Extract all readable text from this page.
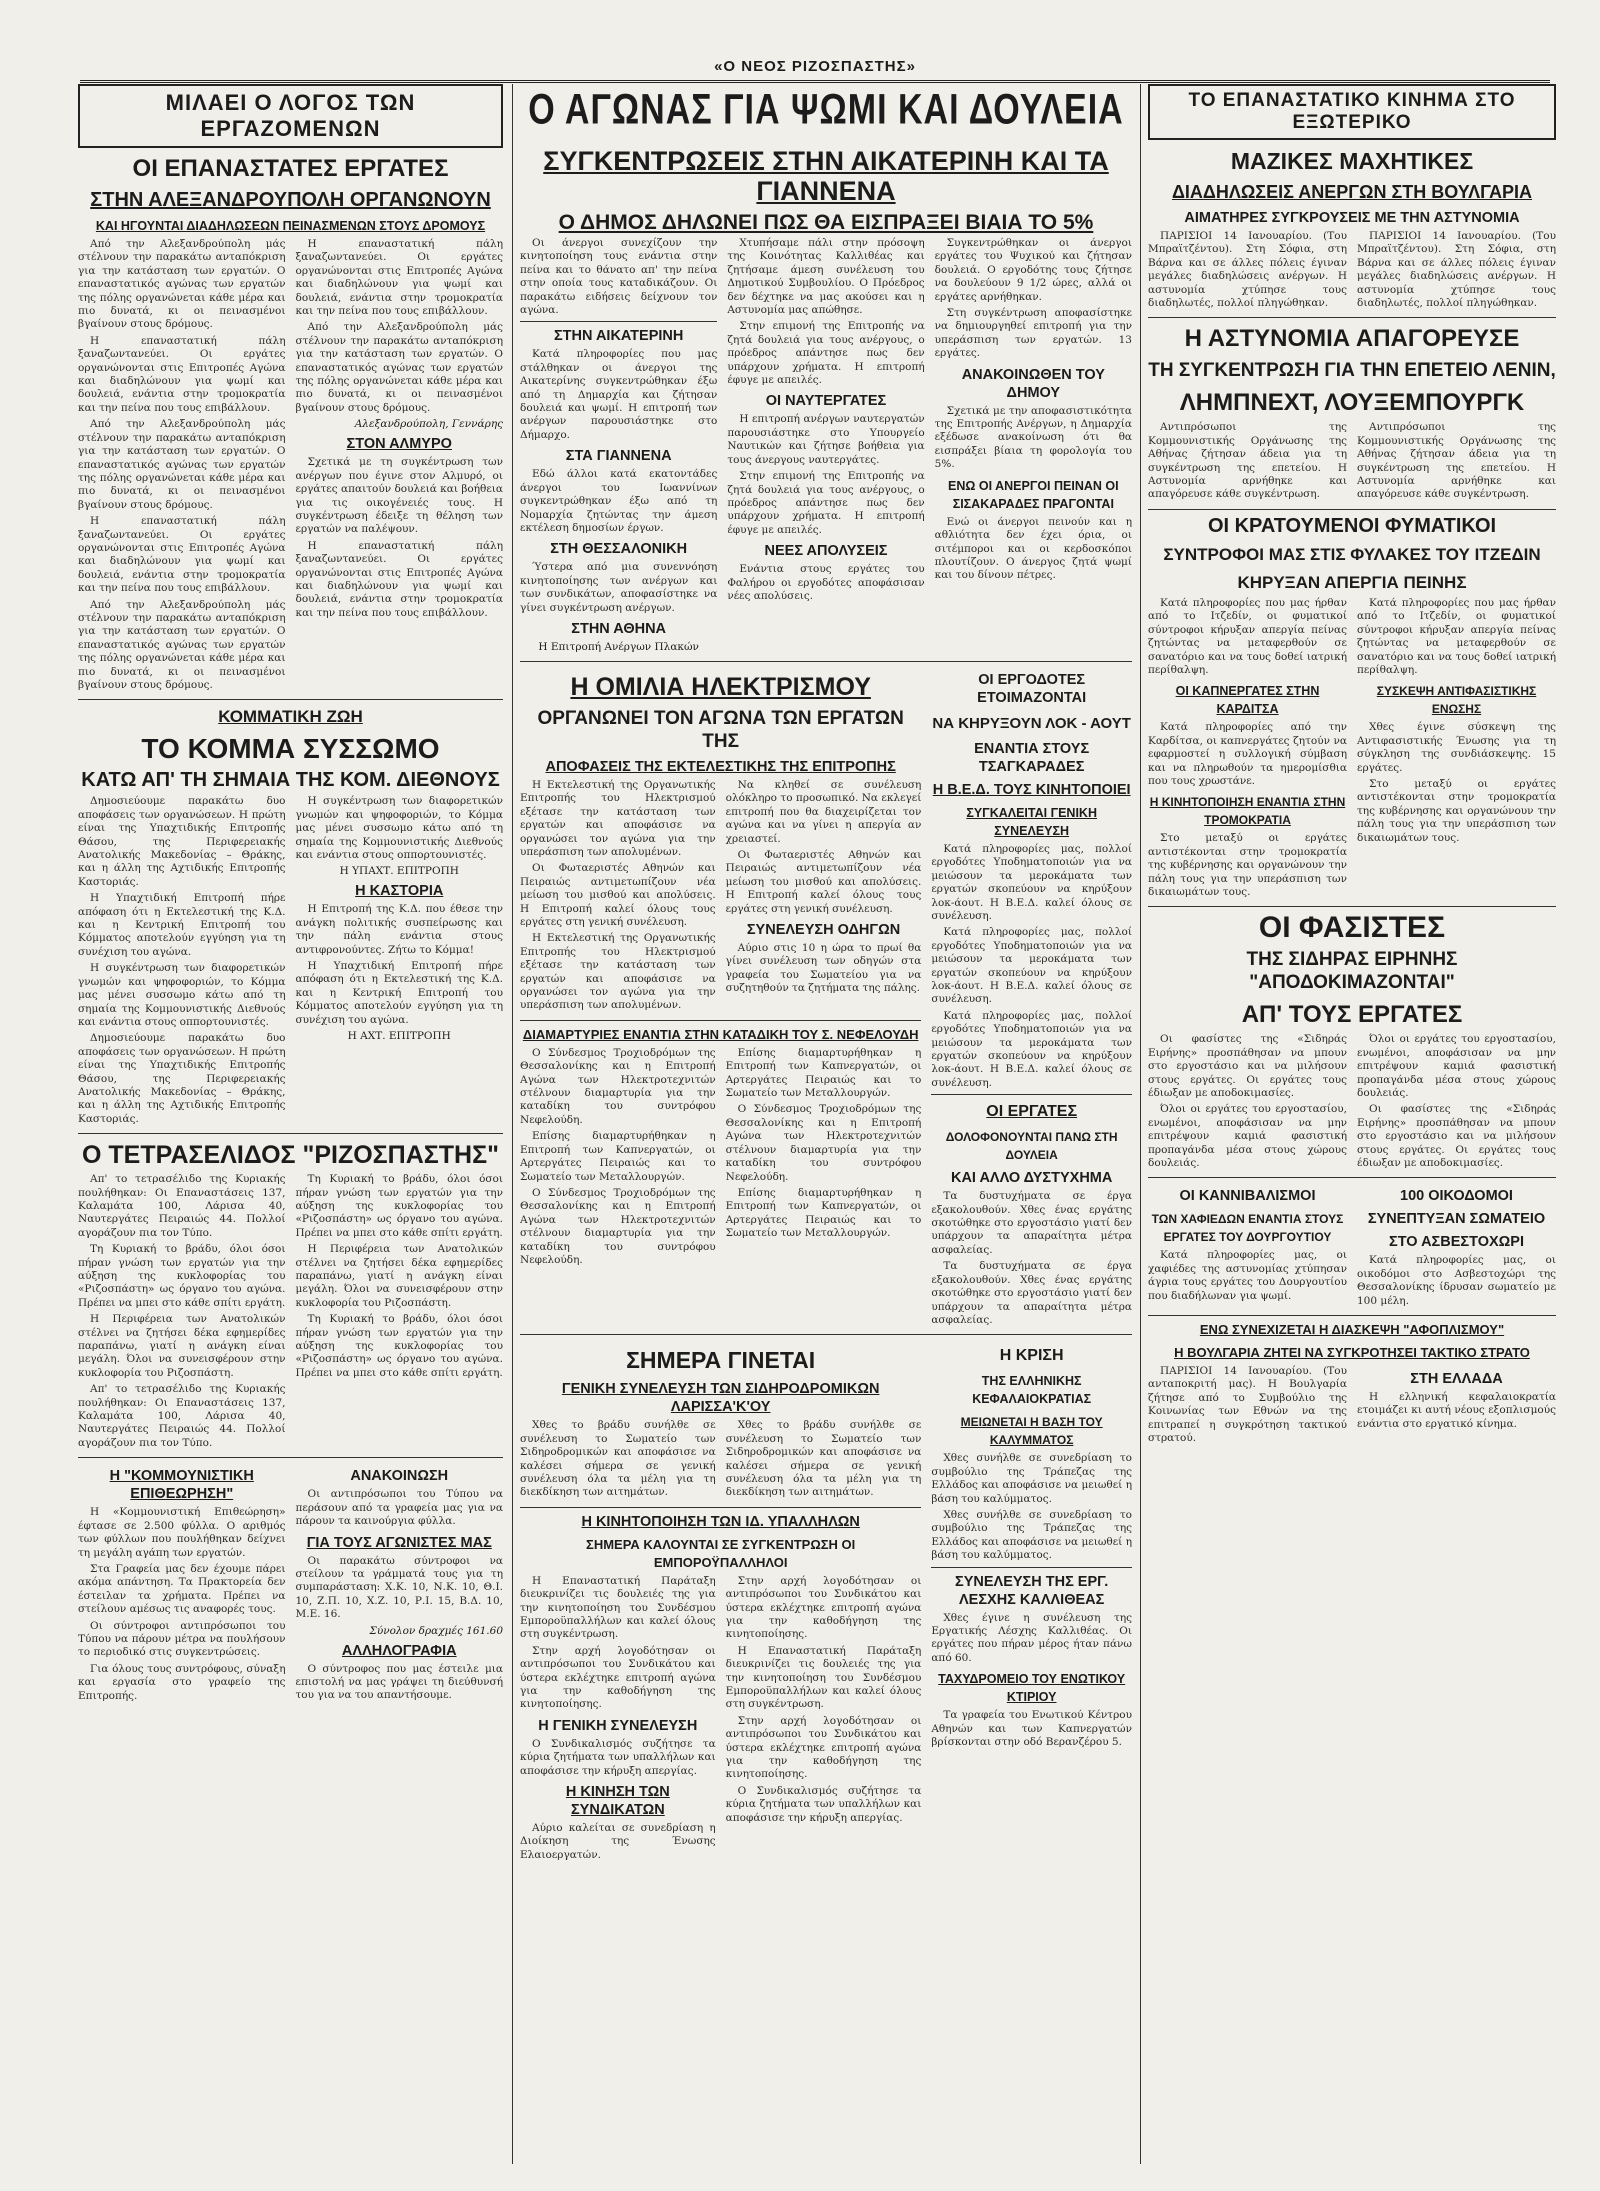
«Ο ΝΕΟΣ ΡΙΖΟΣΠΑΣΤΗΣ»
ΜΙΛΑΕΙ Ο ΛΟΓΟΣ ΤΩΝ ΕΡΓΑΖΟΜΕΝΩΝ
ΟΙ ΕΠΑΝΑΣΤΑΤΕΣ ΕΡΓΑΤΕΣ
ΣΤΗΝ ΑΛΕΞΑΝΔΡΟΥΠΟΛΗ ΟΡΓΑΝΩΝΟΥΝ
ΚΑΙ ΗΓΟΥΝΤΑΙ ΔΙΑΔΗΛΩΣΕΩΝ ΠΕΙΝΑΣΜΕΝΩΝ ΣΤΟΥΣ ΔΡΟΜΟΥΣ

Από την Αλεξανδρούπολη μάς στέλνουν την παρακάτω ανταπόκριση για την κατάσταση των εργατών. Ο επαναστατικός αγώνας των εργατών της πόλης οργανώνεται κάθε μέρα και πιο δυνατά, κι οι πεινασμένοι βγαίνουν στους δρόμους.

Η επαναστατική πάλη ξαναζωντανεύει. Οι εργάτες οργανώνονται στις Επιτροπές Αγώνα και διαδηλώνουν για ψωμί και δουλειά, ενάντια στην τρομοκρατία και την πείνα που τους επιβάλλουν.

Από την Αλεξανδρούπολη μάς στέλνουν την παρακάτω ανταπόκριση για την κατάσταση των εργατών. Ο επαναστατικός αγώνας των εργατών της πόλης οργανώνεται κάθε μέρα και πιο δυνατά, κι οι πεινασμένοι βγαίνουν στους δρόμους.

Η επαναστατική πάλη ξαναζωντανεύει. Οι εργάτες οργανώνονται στις Επιτροπές Αγώνα και διαδηλώνουν για ψωμί και δουλειά, ενάντια στην τρομοκρατία και την πείνα που τους επιβάλλουν.

Από την Αλεξανδρούπολη μάς στέλνουν την παρακάτω ανταπόκριση για την κατάσταση των εργατών. Ο επαναστατικός αγώνας των εργατών της πόλης οργανώνεται κάθε μέρα και πιο δυνατά, κι οι πεινασμένοι βγαίνουν στους δρόμους.

Η επαναστατική πάλη ξαναζωντανεύει. Οι εργάτες οργανώνονται στις Επιτροπές Αγώνα και διαδηλώνουν για ψωμί και δουλειά, ενάντια στην τρομοκρατία και την πείνα που τους επιβάλλουν.

Από την Αλεξανδρούπολη μάς στέλνουν την παρακάτω ανταπόκριση για την κατάσταση των εργατών. Ο επαναστατικός αγώνας των εργατών της πόλης οργανώνεται κάθε μέρα και πιο δυνατά, κι οι πεινασμένοι βγαίνουν στους δρόμους.

Αλεξανδρούπολη, Γεννάρης
ΣΤΟΝ ΑΛΜΥΡΟ

Σχετικά με τη συγκέντρωση των ανέργων που έγινε στον Αλμυρό, οι εργάτες απαιτούν δουλειά και βοήθεια για τις οικογένειές τους. Η συγκέντρωση έδειξε τη θέληση των εργατών να παλέψουν.

Η επαναστατική πάλη ξαναζωντανεύει. Οι εργάτες οργανώνονται στις Επιτροπές Αγώνα και διαδηλώνουν για ψωμί και δουλειά, ενάντια στην τρομοκρατία και την πείνα που τους επιβάλλουν.

ΚΟΜΜΑΤΙΚΗ ΖΩΗ
ΤΟ ΚΟΜΜΑ ΣΥΣΣΩΜΟ
ΚΑΤΩ ΑΠ' ΤΗ ΣΗΜΑΙΑ ΤΗΣ ΚΟΜ. ΔΙΕΘΝΟΥΣ

Δημοσιεύουμε παρακάτω δυο αποφάσεις των οργανώσεων. Η πρώτη είναι της Υπαχτιδικής Επιτροπής Θάσου, της Περιφερειακής Ανατολικής Μακεδονίας – Θράκης, και η άλλη της Αχτιδικής Επιτροπής Καστοριάς.

Η Υπαχτιδική Επιτροπή πήρε απόφαση ότι η Εκτελεστική της Κ.Δ. και η Κεντρική Επιτροπή του Κόμματος αποτελούν εγγύηση για τη συνέχιση του αγώνα.

Η συγκέντρωση των διαφορετικών γνωμών και ψηφοφοριών, το Κόμμα μας μένει συσσωμο κάτω από τη σημαία της Κομμουνιστικής Διεθνούς και ενάντια στους οππορτουνιστές.

Δημοσιεύουμε παρακάτω δυο αποφάσεις των οργανώσεων. Η πρώτη είναι της Υπαχτιδικής Επιτροπής Θάσου, της Περιφερειακής Ανατολικής Μακεδονίας – Θράκης, και η άλλη της Αχτιδικής Επιτροπής Καστοριάς.

Η συγκέντρωση των διαφορετικών γνωμών και ψηφοφοριών, το Κόμμα μας μένει συσσωμο κάτω από τη σημαία της Κομμουνιστικής Διεθνούς και ενάντια στους οππορτουνιστές.

Η ΥΠΑΧΤ. ΕΠΙΤΡΟΠΗ
Η ΚΑΣΤΟΡΙΑ

Η Επιτροπή της Κ.Δ. που έθεσε την ανάγκη πολιτικής συσπείρωσης και την πάλη ενάντια στους αντιφρονούντες. Ζήτω το Κόμμα!

Η Υπαχτιδική Επιτροπή πήρε απόφαση ότι η Εκτελεστική της Κ.Δ. και η Κεντρική Επιτροπή του Κόμματος αποτελούν εγγύηση για τη συνέχιση του αγώνα.

Η ΑΧΤ. ΕΠΙΤΡΟΠΗ
Ο ΤΕΤΡΑΣΕΛΙΔΟΣ "ΡΙΖΟΣΠΑΣΤΗΣ"

Απ' το τετρασέλιδο της Κυριακής πουλήθηκαν: Οι Επαναστάσεις 137, Καλαμάτα 100, Λάρισα 40, Ναυτεργάτες Πειραιώς 44. Πολλοί αγοράζουν πια τον Τύπο.

Τη Κυριακή το βράδυ, όλοι όσοι πήραν γνώση των εργατών για την αύξηση της κυκλοφορίας του «Ριζοσπάστη» ως όργανο του αγώνα. Πρέπει να μπει στο κάθε σπίτι εργάτη.

Η Περιφέρεια των Ανατολικών στέλνει να ζητήσει δέκα εφημερίδες παραπάνω, γιατί η ανάγκη είναι μεγάλη. Όλοι να συνεισφέρουν στην κυκλοφορία του Ριζοσπάστη.

Απ' το τετρασέλιδο της Κυριακής πουλήθηκαν: Οι Επαναστάσεις 137, Καλαμάτα 100, Λάρισα 40, Ναυτεργάτες Πειραιώς 44. Πολλοί αγοράζουν πια τον Τύπο.

Τη Κυριακή το βράδυ, όλοι όσοι πήραν γνώση των εργατών για την αύξηση της κυκλοφορίας του «Ριζοσπάστη» ως όργανο του αγώνα. Πρέπει να μπει στο κάθε σπίτι εργάτη.

Η Περιφέρεια των Ανατολικών στέλνει να ζητήσει δέκα εφημερίδες παραπάνω, γιατί η ανάγκη είναι μεγάλη. Όλοι να συνεισφέρουν στην κυκλοφορία του Ριζοσπάστη.

Τη Κυριακή το βράδυ, όλοι όσοι πήραν γνώση των εργατών για την αύξηση της κυκλοφορίας του «Ριζοσπάστη» ως όργανο του αγώνα. Πρέπει να μπει στο κάθε σπίτι εργάτη.

Η "ΚΟΜΜΟΥΝΙΣΤΙΚΗ ΕΠΙΘΕΩΡΗΣΗ"

Η «Κομμουνιστική Επιθεώρηση» έφτασε σε 2.500 φύλλα. Ο αριθμός των φύλλων που πουλήθηκαν δείχνει τη μεγάλη αγάπη των εργατών.

Στα Γραφεία μας δεν έχουμε πάρει ακόμα απάντηση. Τα Πρακτορεία δεν έστειλαν τα χρήματα. Πρέπει να στείλουν αμέσως τις αναφορές τους.

Οι σύντροφοι αντιπρόσωποι του Τύπου να πάρουν μέτρα να πουλήσουν το περιοδικό στις συγκεντρώσεις.

Για όλους τους συντρόφους, σύναξη και εργασία στο γραφείο της Επιτροπής.

ΑΝΑΚΟΙΝΩΣΗ

Οι αντιπρόσωποι του Τύπου να περάσουν από τα γραφεία μας για να πάρουν τα καινούργια φύλλα.

ΓΙΑ ΤΟΥΣ ΑΓΩΝΙΣΤΕΣ ΜΑΣ

Οι παρακάτω σύντροφοι να στείλουν τα γράμματά τους για τη συμπαράσταση: Χ.Κ. 10, Ν.Κ. 10, Θ.Ι. 10, Ζ.Π. 10, Χ.Ζ. 10, Ρ.Ι. 15, Β.Δ. 10, Μ.Ε. 16.

Σύνολον δραχμές 161.60
ΑΛΛΗΛΟΓΡΑΦΙΑ

Ο σύντροφος που μας έστειλε μια επιστολή να μας γράψει τη διεύθυνσή του για να του απαντήσουμε.

Ο ΑΓΩΝΑΣ ΓΙΑ ΨΩΜΙ ΚΑΙ ΔΟΥΛΕΙΑ
ΣΥΓΚΕΝΤΡΩΣΕΙΣ ΣΤΗΝ ΑΙΚΑΤΕΡΙΝΗ ΚΑΙ ΤΑ ΓΙΑΝΝΕΝΑ
Ο ΔΗΜΟΣ ΔΗΛΩΝΕΙ ΠΩΣ ΘΑ ΕΙΣΠΡΑΞΕΙ ΒΙΑΙΑ ΤΟ 5%

Οι άνεργοι συνεχίζουν την κινητοποίηση τους ενάντια στην πείνα και το θάνατο απ' την πείνα στην οποία τους καταδικάζουν. Οι παρακάτω ειδήσεις δείχνουν τον αγώνα.

ΣΤΗΝ ΑΙΚΑΤΕΡΙΝΗ

Κατά πληροφορίες που μας στάλθηκαν οι άνεργοι της Αικατερίνης συγκεντρώθηκαν έξω από τη Δημαρχία και ζήτησαν δουλειά και ψωμί. Η επιτροπή των ανέργων παρουσιάστηκε στο Δήμαρχο.

ΣΤΑ ΓΙΑΝΝΕΝΑ

Εδώ άλλοι κατά εκατοντάδες άνεργοι του Ιωαννίνων συγκεντρώθηκαν έξω από τη Νομαρχία ζητώντας την άμεση εκτέλεση δημοσίων έργων.

ΣΤΗ ΘΕΣΣΑΛΟΝΙΚΗ

Ύστερα από μια συνεννόηση κινητοποίησης των ανέργων και των συνδικάτων, αποφασίστηκε να γίνει συγκέντρωση ανέργων.

ΣΤΗΝ ΑΘΗΝΑ
Η Επιτροπή Ανέργων Πλακών

Χτυπήσαμε πάλι στην πρόσοψη της Κοινότητας Καλλιθέας και ζητήσαμε άμεση συνέλευση του Δημοτικού Συμβουλίου. Ο Πρόεδρος δεν δέχτηκε να μας ακούσει και η Αστυνομία μας απώθησε.

Στην επιμονή της Επιτροπής να ζητά δουλειά για τους ανέργους, ο πρόεδρος απάντησε πως δεν υπάρχουν χρήματα. Η επιτροπή έφυγε με απειλές.

ΟΙ ΝΑΥΤΕΡΓΑΤΕΣ

Η επιτροπή ανέργων ναυτεργατών παρουσιάστηκε στο Υπουργείο Ναυτικών και ζήτησε βοήθεια για τους άνεργους ναυτεργάτες.

Στην επιμονή της Επιτροπής να ζητά δουλειά για τους ανέργους, ο πρόεδρος απάντησε πως δεν υπάρχουν χρήματα. Η επιτροπή έφυγε με απειλές.

ΝΕΕΣ ΑΠΟΛΥΣΕΙΣ

Ενάντια στους εργάτες του Φαλήρου οι εργοδότες αποφάσισαν νέες απολύσεις.

Συγκεντρώθηκαν οι άνεργοι εργάτες του Ψυχικού και ζήτησαν δουλειά. Ο εργοδότης τους ζήτησε να δουλεύουν 9 1/2 ώρες, αλλά οι εργάτες αρνήθηκαν.

Στη συγκέντρωση αποφασίστηκε να δημιουργηθεί επιτροπή για την υπεράσπιση των εργατών. 13 εργάτες.

ΑΝΑΚΟΙΝΩΘΕΝ ΤΟΥ ΔΗΜΟΥ

Σχετικά με την αποφασιστικότητα της Επιτροπής Ανέργων, η Δημαρχία εξέδωσε ανακοίνωση ότι θα εισπράξει βίαια τη φορολογία του 5%.

ΕΝΩ ΟΙ ΑΝΕΡΓΟΙ ΠΕΙΝΑΝ ΟΙ ΣΙΣΑΚΑΡΑΔΕΣ ΠΡΑΓΟΝΤΑΙ

Ενώ οι άνεργοι πεινούν και η αθλιότητα δεν έχει όρια, οι σιτέμποροι και οι κερδοσκόποι πλουτίζουν. Ο άνεργος ζητά ψωμί και του δίνουν πέτρες.

Η ΟΜΙΛΙΑ ΗΛΕΚΤΡΙΣΜΟΥ
ΟΡΓΑΝΩΝΕΙ ΤΟΝ ΑΓΩΝΑ ΤΩΝ ΕΡΓΑΤΩΝ ΤΗΣ
ΑΠΟΦΑΣΕΙΣ ΤΗΣ ΕΚΤΕΛΕΣΤΙΚΗΣ ΤΗΣ ΕΠΙΤΡΟΠΗΣ

Η Εκτελεστική της Οργανωτικής Επιτροπής του Ηλεκτρισμού εξέτασε την κατάσταση των εργατών και αποφάσισε να οργανώσει τον αγώνα για την υπεράσπιση των απολυμένων.

Οι Φωταεριστές Αθηνών και Πειραιώς αντιμετωπίζουν νέα μείωση του μισθού και απολύσεις. Η Επιτροπή καλεί όλους τους εργάτες στη γενική συνέλευση.

Η Εκτελεστική της Οργανωτικής Επιτροπής του Ηλεκτρισμού εξέτασε την κατάσταση των εργατών και αποφάσισε να οργανώσει τον αγώνα για την υπεράσπιση των απολυμένων.

Να κληθεί σε συνέλευση ολόκληρο το προσωπικό. Να εκλεγεί επιτροπή που θα διαχειρίζεται τον αγώνα και να γίνει η απεργία αν χρειαστεί.

Οι Φωταεριστές Αθηνών και Πειραιώς αντιμετωπίζουν νέα μείωση του μισθού και απολύσεις. Η Επιτροπή καλεί όλους τους εργάτες στη γενική συνέλευση.

ΣΥΝΕΛΕΥΣΗ ΟΔΗΓΩΝ

Αύριο στις 10 η ώρα το πρωί θα γίνει συνέλευση των οδηγών στα γραφεία του Σωματείου για να συζητηθούν τα ζητήματα της πάλης.

ΔΙΑΜΑΡΤΥΡΙΕΣ ΕΝΑΝΤΙΑ ΣΤΗΝ ΚΑΤΑΔΙΚΗ ΤΟΥ Σ. ΝΕΦΕΛΟΥΔΗ

Ο Σύνδεσμος Τροχιοδρόμων της Θεσσαλονίκης και η Επιτροπή Αγώνα των Ηλεκτροτεχνιτών στέλνουν διαμαρτυρία για την καταδίκη του συντρόφου Νεφελούδη.

Επίσης διαμαρτυρήθηκαν η Επιτροπή των Καπνεργατών, οι Αρτεργάτες Πειραιώς και το Σωματείο των Μεταλλουργών.

Ο Σύνδεσμος Τροχιοδρόμων της Θεσσαλονίκης και η Επιτροπή Αγώνα των Ηλεκτροτεχνιτών στέλνουν διαμαρτυρία για την καταδίκη του συντρόφου Νεφελούδη.

Επίσης διαμαρτυρήθηκαν η Επιτροπή των Καπνεργατών, οι Αρτεργάτες Πειραιώς και το Σωματείο των Μεταλλουργών.

Ο Σύνδεσμος Τροχιοδρόμων της Θεσσαλονίκης και η Επιτροπή Αγώνα των Ηλεκτροτεχνιτών στέλνουν διαμαρτυρία για την καταδίκη του συντρόφου Νεφελούδη.

Επίσης διαμαρτυρήθηκαν η Επιτροπή των Καπνεργατών, οι Αρτεργάτες Πειραιώς και το Σωματείο των Μεταλλουργών.

ΟΙ ΕΡΓΟΔΟΤΕΣ ΕΤΟΙΜΑΖΟΝΤΑΙ
ΝΑ ΚΗΡΥΞΟΥΝ ΛΟΚ - ΑΟΥΤ
ΕΝΑΝΤΙΑ ΣΤΟΥΣ ΤΣΑΓΚΑΡΑΔΕΣ
Η Β.Ε.Δ. ΤΟΥΣ ΚΙΝΗΤΟΠΟΙΕΙ
ΣΥΓΚΑΛΕΙΤΑΙ ΓΕΝΙΚΗ ΣΥΝΕΛΕΥΣΗ

Κατά πληροφορίες μας, πολλοί εργοδότες Υποδηματοποιών για να μειώσουν τα μεροκάματα των εργατών σκοπεύουν να κηρύξουν λοκ-άουτ. Η Β.Ε.Δ. καλεί όλους σε συνέλευση.

Κατά πληροφορίες μας, πολλοί εργοδότες Υποδηματοποιών για να μειώσουν τα μεροκάματα των εργατών σκοπεύουν να κηρύξουν λοκ-άουτ. Η Β.Ε.Δ. καλεί όλους σε συνέλευση.

Κατά πληροφορίες μας, πολλοί εργοδότες Υποδηματοποιών για να μειώσουν τα μεροκάματα των εργατών σκοπεύουν να κηρύξουν λοκ-άουτ. Η Β.Ε.Δ. καλεί όλους σε συνέλευση.

ΟΙ ΕΡΓΑΤΕΣ
ΔΟΛΟΦΟΝΟΥΝΤΑΙ ΠΑΝΩ ΣΤΗ ΔΟΥΛΕΙΑ
ΚΑΙ ΑΛΛΟ ΔΥΣΤΥΧΗΜΑ

Τα δυστυχήματα σε έργα εξακολουθούν. Χθες ένας εργάτης σκοτώθηκε στο εργοστάσιο γιατί δεν υπάρχουν τα απαραίτητα μέτρα ασφαλείας.

Τα δυστυχήματα σε έργα εξακολουθούν. Χθες ένας εργάτης σκοτώθηκε στο εργοστάσιο γιατί δεν υπάρχουν τα απαραίτητα μέτρα ασφαλείας.

ΣΗΜΕΡΑ ΓΙΝΕΤΑΙ
ΓΕΝΙΚΗ ΣΥΝΕΛΕΥΣΗ ΤΩΝ ΣΙΔΗΡΟΔΡΟΜΙΚΩΝ ΛΑΡΙΣΣΑ'Κ'ΟΥ

Χθες το βράδυ συνήλθε σε συνέλευση το Σωματείο των Σιδηροδρομικών και αποφάσισε να καλέσει σήμερα σε γενική συνέλευση όλα τα μέλη για τη διεκδίκηση των αιτημάτων.

Χθες το βράδυ συνήλθε σε συνέλευση το Σωματείο των Σιδηροδρομικών και αποφάσισε να καλέσει σήμερα σε γενική συνέλευση όλα τα μέλη για τη διεκδίκηση των αιτημάτων.

Η ΚΙΝΗΤΟΠΟΙΗΣΗ ΤΩΝ ΙΔ. ΥΠΑΛΛΗΛΩΝ
ΣΗΜΕΡΑ ΚΑΛΟΥΝΤΑΙ ΣΕ ΣΥΓΚΕΝΤΡΩΣΗ ΟΙ ΕΜΠΟΡΟΫΠΑΛΛΗΛΟΙ

Η Επαναστατική Παράταξη διευκρινίζει τις δουλειές της για την κινητοποίηση του Συνδέσμου Εμποροϋπαλλήλων και καλεί όλους στη συγκέντρωση.

Στην αρχή λογοδότησαν οι αντιπρόσωποι του Συνδικάτου και ύστερα εκλέχτηκε επιτροπή αγώνα για την καθοδήγηση της κινητοποίησης.

Η ΓΕΝΙΚΗ ΣΥΝΕΛΕΥΣΗ

Ο Συνδικαλισμός συζήτησε τα κύρια ζητήματα των υπαλλήλων και αποφάσισε την κήρυξη απεργίας.

Η ΚΙΝΗΣΗ ΤΩΝ ΣΥΝΔΙΚΑΤΩΝ

Αύριο καλείται σε συνεδρίαση η Διοίκηση της Ένωσης Ελαιοεργατών.

Στην αρχή λογοδότησαν οι αντιπρόσωποι του Συνδικάτου και ύστερα εκλέχτηκε επιτροπή αγώνα για την καθοδήγηση της κινητοποίησης.

Η Επαναστατική Παράταξη διευκρινίζει τις δουλειές της για την κινητοποίηση του Συνδέσμου Εμποροϋπαλλήλων και καλεί όλους στη συγκέντρωση.

Στην αρχή λογοδότησαν οι αντιπρόσωποι του Συνδικάτου και ύστερα εκλέχτηκε επιτροπή αγώνα για την καθοδήγηση της κινητοποίησης.

Ο Συνδικαλισμός συζήτησε τα κύρια ζητήματα των υπαλλήλων και αποφάσισε την κήρυξη απεργίας.

Η ΚΡΙΣΗ
ΤΗΣ ΕΛΛΗΝΙΚΗΣ ΚΕΦΑΛΑΙΟΚΡΑΤΙΑΣ
ΜΕΙΩΝΕΤΑΙ Η ΒΑΣΗ ΤΟΥ ΚΑΛΥΜΜΑΤΟΣ

Χθες συνήλθε σε συνεδρίαση το συμβούλιο της Τράπεζας της Ελλάδος και αποφάσισε να μειωθεί η βάση του καλύμματος.

Χθες συνήλθε σε συνεδρίαση το συμβούλιο της Τράπεζας της Ελλάδος και αποφάσισε να μειωθεί η βάση του καλύμματος.

ΣΥΝΕΛΕΥΣΗ ΤΗΣ ΕΡΓ. ΛΕΣΧΗΣ ΚΑΛΛΙΘΕΑΣ

Χθες έγινε η συνέλευση της Εργατικής Λέσχης Καλλιθέας. Οι εργάτες που πήραν μέρος ήταν πάνω από 60.

ΤΑΧΥΔΡΟΜΕΙΟ ΤΟΥ ΕΝΩΤΙΚΟΥ ΚΤΙΡΙΟΥ

Τα γραφεία του Ενωτικού Κέντρου Αθηνών και των Καπνεργατών βρίσκονται στην οδό Βερανζέρου 5.

ΤΟ ΕΠΑΝΑΣΤΑΤΙΚΟ ΚΙΝΗΜΑ ΣΤΟ ΕΞΩΤΕΡΙΚΟ
ΜΑΖΙΚΕΣ ΜΑΧΗΤΙΚΕΣ
ΔΙΑΔΗΛΩΣΕΙΣ ΑΝΕΡΓΩΝ ΣΤΗ ΒΟΥΛΓΑΡΙΑ
ΑΙΜΑΤΗΡΕΣ ΣΥΓΚΡΟΥΣΕΙΣ ΜΕ ΤΗΝ ΑΣΤΥΝΟΜΙΑ

ΠΑΡΙΣΙΟΙ 14 Ιανουαρίου. (Του Μπραϊτζέντου). Στη Σόφια, στη Βάρνα και σε άλλες πόλεις έγιναν μεγάλες διαδηλώσεις ανέργων. Η αστυνομία χτύπησε τους διαδηλωτές, πολλοί πληγώθηκαν.

ΠΑΡΙΣΙΟΙ 14 Ιανουαρίου. (Του Μπραϊτζέντου). Στη Σόφια, στη Βάρνα και σε άλλες πόλεις έγιναν μεγάλες διαδηλώσεις ανέργων. Η αστυνομία χτύπησε τους διαδηλωτές, πολλοί πληγώθηκαν.

Η ΑΣΤΥΝΟΜΙΑ ΑΠΑΓΟΡΕΥΣΕ
ΤΗ ΣΥΓΚΕΝΤΡΩΣΗ ΓΙΑ ΤΗΝ ΕΠΕΤΕΙΟ ΛΕΝΙΝ,
ΛΗΜΠΝΕΧΤ, ΛΟΥΞΕΜΠΟΥΡΓΚ

Αντιπρόσωποι της Κομμουνιστικής Οργάνωσης της Αθήνας ζήτησαν άδεια για τη συγκέντρωση της επετείου. Η Αστυνομία αρνήθηκε και απαγόρευσε κάθε συγκέντρωση.

Αντιπρόσωποι της Κομμουνιστικής Οργάνωσης της Αθήνας ζήτησαν άδεια για τη συγκέντρωση της επετείου. Η Αστυνομία αρνήθηκε και απαγόρευσε κάθε συγκέντρωση.

ΟΙ ΚΡΑΤΟΥΜΕΝΟΙ ΦΥΜΑΤΙΚΟΙ
ΣΥΝΤΡΟΦΟΙ ΜΑΣ ΣΤΙΣ ΦΥΛΑΚΕΣ ΤΟΥ ΙΤΖΕΔΙΝ
ΚΗΡΥΞΑΝ ΑΠΕΡΓΙΑ ΠΕΙΝΗΣ

Κατά πληροφορίες που μας ήρθαν από το Ιτζεδίν, οι φυματικοί σύντροφοι κήρυξαν απεργία πείνας ζητώντας να μεταφερθούν σε σανατόριο και να τους δοθεί ιατρική περίθαλψη.

ΟΙ ΚΑΠΝΕΡΓΑΤΕΣ ΣΤΗΝ ΚΑΡΔΙΤΣΑ

Κατά πληροφορίες από την Καρδίτσα, οι καπνεργάτες ζητούν να εφαρμοστεί η συλλογική σύμβαση και να πληρωθούν τα ημερομίσθια που τους χρωστάνε.

Η ΚΙΝΗΤΟΠΟΙΗΣΗ ΕΝΑΝΤΙΑ ΣΤΗΝ ΤΡΟΜΟΚΡΑΤΙΑ

Στο μεταξύ οι εργάτες αντιστέκονται στην τρομοκρατία της κυβέρνησης και οργανώνουν την πάλη τους για την υπεράσπιση των δικαιωμάτων τους.

Κατά πληροφορίες που μας ήρθαν από το Ιτζεδίν, οι φυματικοί σύντροφοι κήρυξαν απεργία πείνας ζητώντας να μεταφερθούν σε σανατόριο και να τους δοθεί ιατρική περίθαλψη.

ΣΥΣΚΕΨΗ ΑΝΤΙΦΑΣΙΣΤΙΚΗΣ ΕΝΩΣΗΣ

Χθες έγινε σύσκεψη της Αντιφασιστικής Ένωσης για τη σύγκληση της συνδιάσκεψης. 15 εργάτες.

Στο μεταξύ οι εργάτες αντιστέκονται στην τρομοκρατία της κυβέρνησης και οργανώνουν την πάλη τους για την υπεράσπιση των δικαιωμάτων τους.

ΟΙ ΦΑΣΙΣΤΕΣ
ΤΗΣ ΣΙΔΗΡΑΣ ΕΙΡΗΝΗΣ "ΑΠΟΔΟΚΙΜΑΖΟΝΤΑΙ"
ΑΠ' ΤΟΥΣ ΕΡΓΑΤΕΣ

Οι φασίστες της «Σιδηράς Ειρήνης» προσπάθησαν να μπουν στο εργοστάσιο και να μιλήσουν στους εργάτες. Οι εργάτες τους έδιωξαν με αποδοκιμασίες.

Όλοι οι εργάτες του εργοστασίου, ενωμένοι, αποφάσισαν να μην επιτρέψουν καμιά φασιστική προπαγάνδα μέσα στους χώρους δουλειάς.

Όλοι οι εργάτες του εργοστασίου, ενωμένοι, αποφάσισαν να μην επιτρέψουν καμιά φασιστική προπαγάνδα μέσα στους χώρους δουλειάς.

Οι φασίστες της «Σιδηράς Ειρήνης» προσπάθησαν να μπουν στο εργοστάσιο και να μιλήσουν στους εργάτες. Οι εργάτες τους έδιωξαν με αποδοκιμασίες.

ΟΙ ΚΑΝΝΙΒΑΛΙΣΜΟΙ
ΤΩΝ ΧΑΦΙΕΔΩΝ ΕΝΑΝΤΙΑ ΣΤΟΥΣ ΕΡΓΑΤΕΣ ΤΟΥ ΔΟΥΡΓΟΥΤΙΟΥ

Κατά πληροφορίες μας, οι χαφιέδες της αστυνομίας χτύπησαν άγρια τους εργάτες του Δουργουτίου που διαδήλωναν για ψωμί.

100 ΟΙΚΟΔΟΜΟΙ
ΣΥΝΕΠΤΥΞΑΝ ΣΩΜΑΤΕΙΟ
ΣΤΟ ΑΣΒΕΣΤΟΧΩΡΙ

Κατά πληροφορίες μας, οι οικοδόμοι στο Ασβεστοχώρι της Θεσσαλονίκης ίδρυσαν σωματείο με 100 μέλη.

ΕΝΩ ΣΥΝΕΧΙΖΕΤΑΙ Η ΔΙΑΣΚΕΨΗ "ΑΦΟΠΛΙΣΜΟΥ"
Η ΒΟΥΛΓΑΡΙΑ ΖΗΤΕΙ ΝΑ ΣΥΓΚΡΟΤΗΣΕΙ ΤΑΚΤΙΚΟ ΣΤΡΑΤΟ

ΠΑΡΙΣΙΟΙ 14 Ιανουαρίου. (Του ανταποκριτή μας). Η Βουλγαρία ζήτησε από το Συμβούλιο της Κοινωνίας των Εθνών να της επιτραπεί η συγκρότηση τακτικού στρατού.

ΣΤΗ ΕΛΛΑΔΑ

Η ελληνική κεφαλαιοκρατία ετοιμάζει κι αυτή νέους εξοπλισμούς ενάντια στο εργατικό κίνημα.
